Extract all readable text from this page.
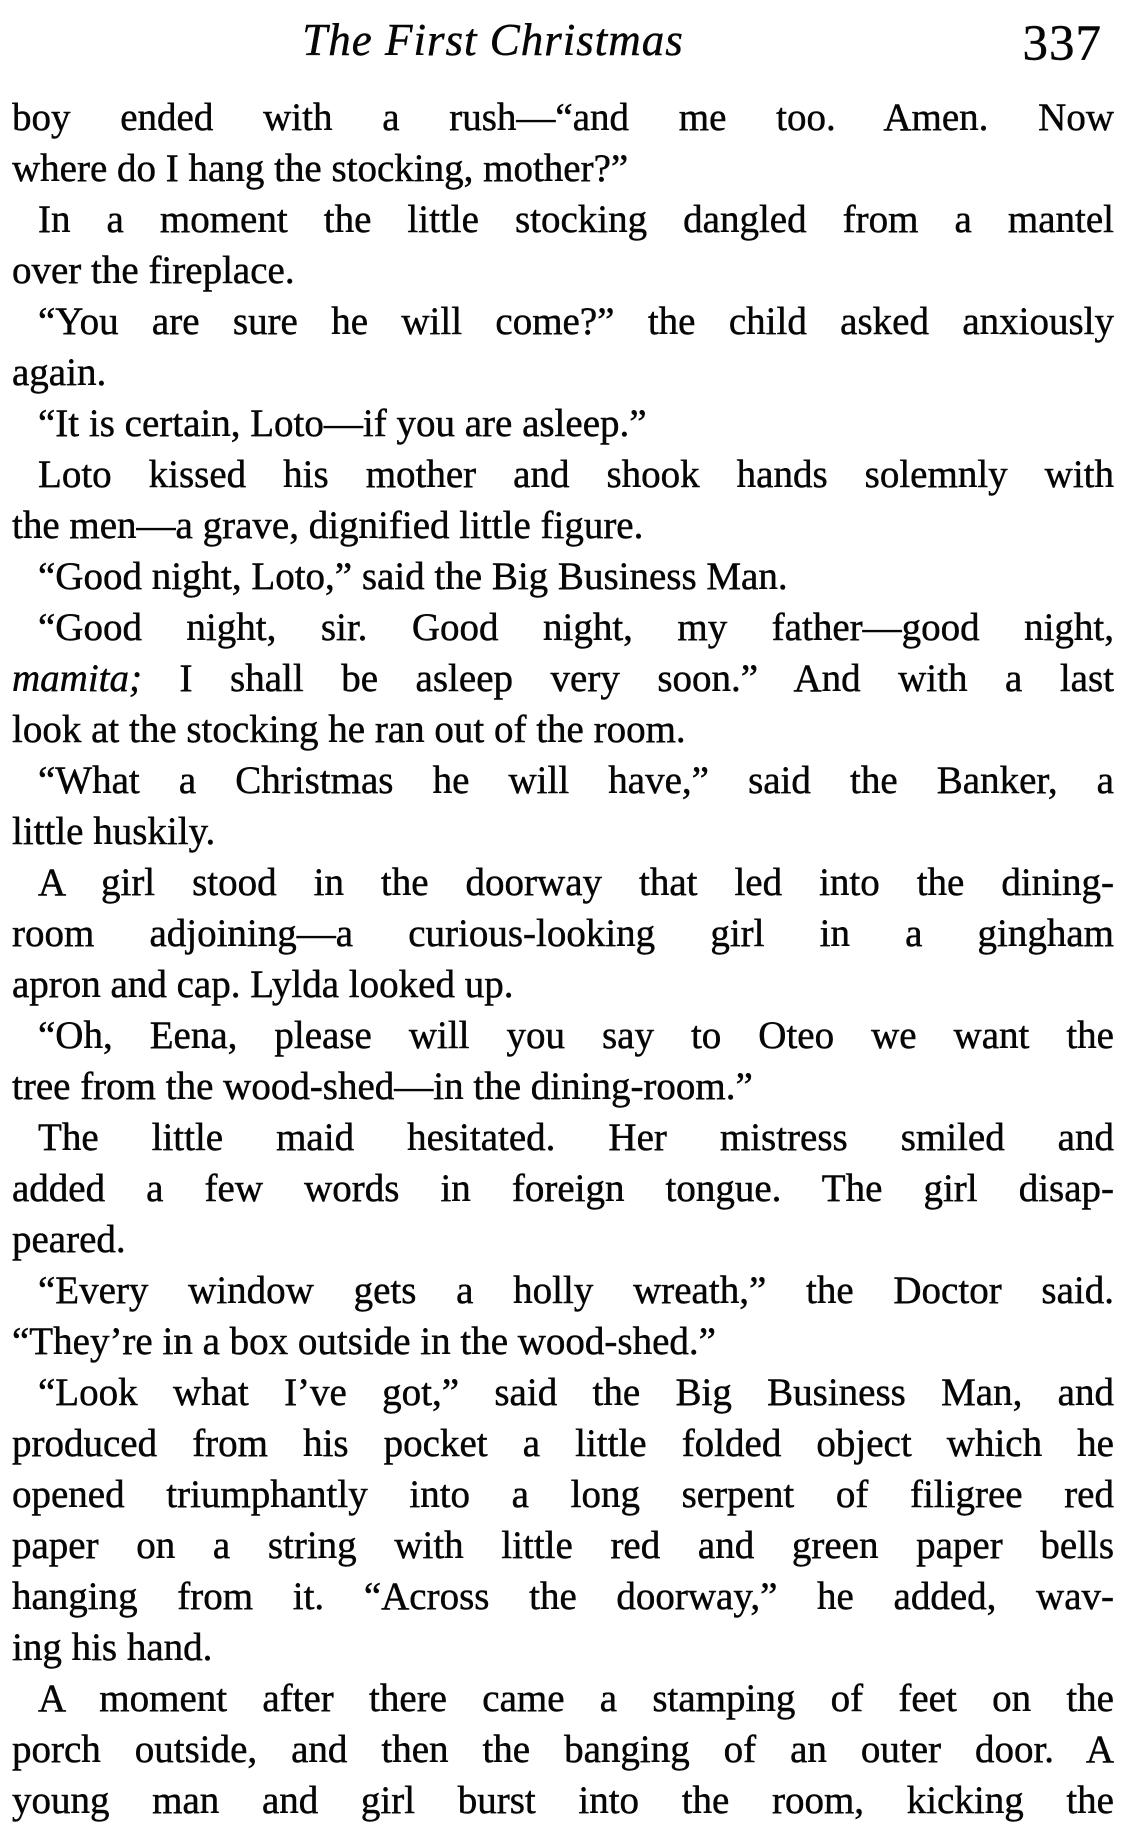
The First Christmas	337

boy ended with a rush—“and me too. Amen. Now
where do I hang the stocking, mother?”

In a moment the little stocking dangled from a mantel
over the fireplace.

“You are sure he will come?” the child asked anxiously
again.

“It is certain, Loto—if you are asleep.”

Loto kissed his mother and shook hands solemnly with
the men—a grave, dignified little figure.

“Good night, Loto,” said the Big Business Man.

“Good night, sir. Good night, my father—good night,
mamita; I shall be asleep very soon.” And with a last
look at the stocking he ran out of the room.

“What a Christmas he will have,” said the Banker, a
little huskily.

A girl stood in the doorway that led into the dining-
room adjoining—a curious-looking girl in a gingham
apron and cap. Lylda looked up.

“Oh, Eena, please will you say to Oteo we want the
tree from the wood-shed—in the dining-room.”

The little maid hesitated. Her mistress smiled and
added a few words in foreign tongue. The girl disap-
peared.

“Every window gets a holly wreath,” the Doctor said.
“They’re in a box outside in the wood-shed.”

“Look what I’ve got,” said the Big Business Man, and
produced from his pocket a little folded object which he
opened triumphantly into a long serpent of filigree red
paper on a string with little red and green paper bells
hanging from it. “Across the doorway,” he added, wav-
ing his hand.

A moment after there came a stamping of feet on the
porch outside, and then the banging of an outer door. A
young man and girl burst into the room, kicking the
